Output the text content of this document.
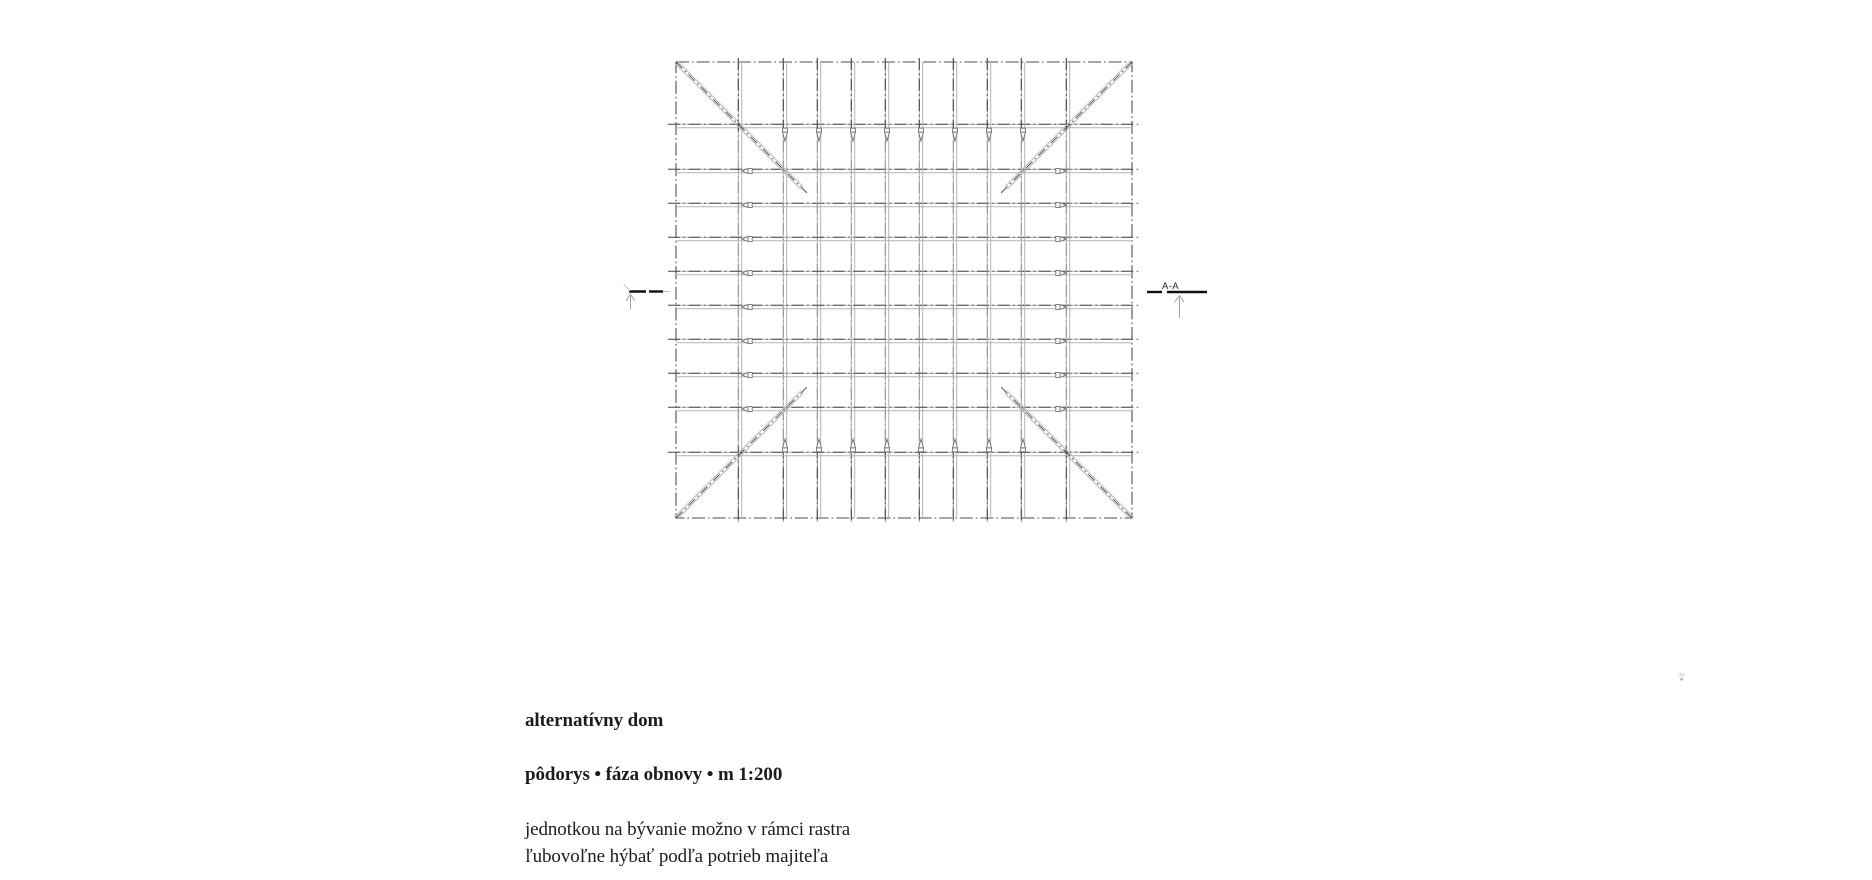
A-A
alternatívny dom
pôdorys • fáza obnovy • m 1:200
jednotkou na bývanie možno v rámci rastra
ľubovoľne hýbať podľa potrieb majiteľa
